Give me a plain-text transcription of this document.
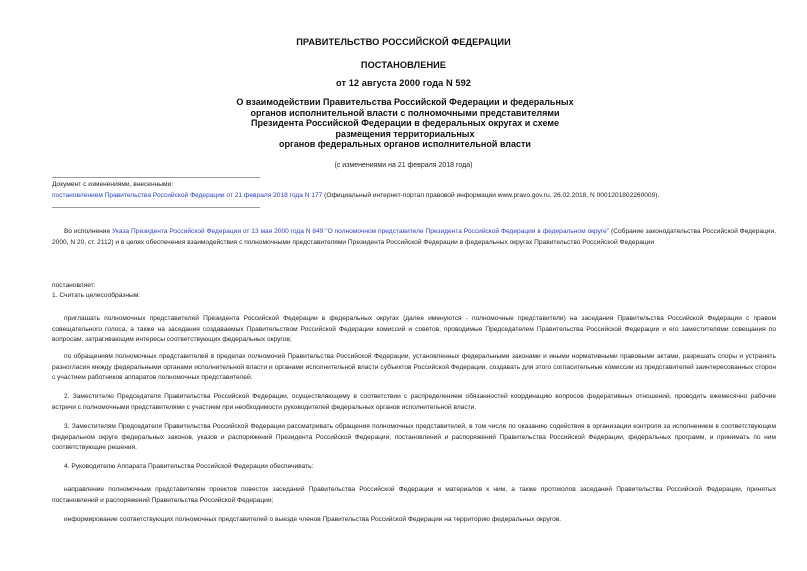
ПРАВИТЕЛЬСТВО РОССИЙСКОЙ ФЕДЕРАЦИИ
ПОСТАНОВЛЕНИЕ
от 12 августа 2000 года N 592
О взаимодействии Правительства Российской Федерации и федеральных
органов исполнительной власти с полномочными представителями
Президента Российской Федерации в федеральных округах и схеме
размещения территориальных
органов федеральных органов исполнительной власти
(с изменениями на 21 февраля 2018 года)
Документ с изменениями, внесенными:
постановлением Правительства Российской Федерации от 21 февраля 2018 года N 177 (Официальный интернет-портал правовой информации www.pravo.gov.ru, 26.02.2018, N 0001201802260009).
Во исполнение Указа Президента Российской Федерации от 13 мая 2000 года N 849 "О полномочном представителе Президента Российской Федерации в федеральном округе" (Собрание законодательства Российской Федерации, 2000, N 20, ст. 2112) и в целях обеспечения взаимодействия с полномочными представителями Президента Российской Федерации в федеральных округах Правительство Российской Федерации
постановляет:
1. Считать целесообразным:
приглашать полномочных представителей Президента Российской Федерации в федеральных округах (далее именуются - полномочные представители) на заседания Правительства Российской Федерации с правом совещательного голоса, а также на заседания создаваемых Правительством Российской Федерации комиссий и советов, проводимые Председателем Правительства Российской Федерации и его заместителями совещания по вопросам, затрагивающим интересы соответствующих федеральных округов;
по обращениям полномочных представителей в пределах полномочий Правительства Российской Федерации, установленных федеральными законами и иными нормативными правовыми актами, разрешать споры и устранять разногласия между федеральными органами исполнительной власти и органами исполнительной власти субъектов Российской Федерации, создавать для этого согласительные комиссии из представителей заинтересованных сторон с участием работников аппаратов полномочных представителей.
2. Заместителю Председателя Правительства Российской Федерации, осуществляющему в соответствии с распределением обязанностей координацию вопросов федеративных отношений, проводить ежемесячно рабочие встречи с полномочными представителями с участием при необходимости руководителей федеральных органов исполнительной власти.
3. Заместителям Председателя Правительства Российской Федерации рассматривать обращения полномочных представителей, в том числе по оказанию содействия в организации контроля за исполнением в соответствующем федеральном округе федеральных законов, указов и распоряжений Президента Российской Федерации, постановлений и распоряжений Правительства Российской Федерации, федеральных программ, и принимать по ним соответствующие решения.
4. Руководителю Аппарата Правительства Российской Федерации обеспечивать:
направление полномочным представителям проектов повесток заседаний Правительства Российской Федерации и материалов к ним, а также протоколов заседаний Правительства Российской Федерации, принятых постановлений и распоряжений Правительства Российской Федерации;
информирование соответствующих полномочных представителей о выезде членов Правительства Российской Федерации на территорию федеральных округов.
